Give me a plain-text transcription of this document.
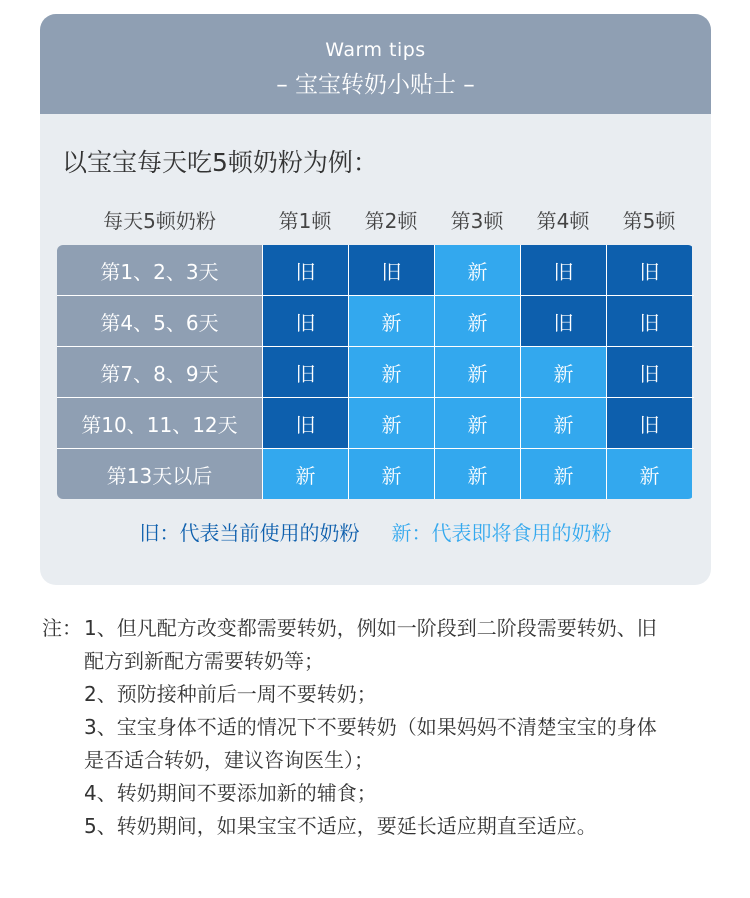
Warm tips
– 宝宝转奶小贴士 –
以宝宝每天吃5顿奶粉为例：
每天5顿奶粉	第1顿	第2顿	第3顿	第4顿	第5顿
第1、2、3天	旧	旧	新	旧	旧
第4、5、6天	旧	新	新	旧	旧
第7、8、9天	旧	新	新	新	旧
第10、11、12天	旧	新	新	新	旧
第13天以后	新	新	新	新	新
旧：代表当前使用的奶粉 新：代表即将食用的奶粉
注： 1、但凡配方改变都需要转奶，例如一阶段到二阶段需要转奶、旧
配方到新配方需要转奶等；
2、预防接种前后一周不要转奶；
3、宝宝身体不适的情况下不要转奶（如果妈妈不清楚宝宝的身体
是否适合转奶，建议咨询医生）；
4、转奶期间不要添加新的辅食；
5、转奶期间，如果宝宝不适应，要延长适应期直至适应。
